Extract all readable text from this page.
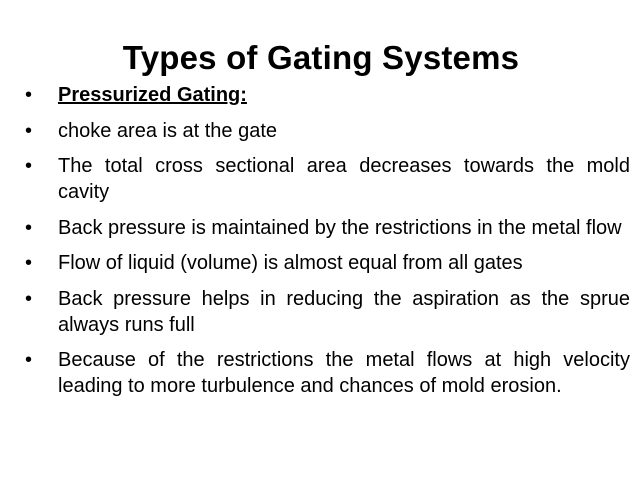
Types of Gating Systems
• Pressurized Gating:
• choke area is at the gate
• The total cross sectional area decreases towards the mold cavity
• Back pressure is maintained by the restrictions in the metal flow
• Flow of liquid (volume) is almost equal from all gates
• Back pressure helps in reducing the aspiration as the sprue always runs full
• Because of the restrictions the metal flows at high velocity leading to more turbulence and chances of mold erosion.
